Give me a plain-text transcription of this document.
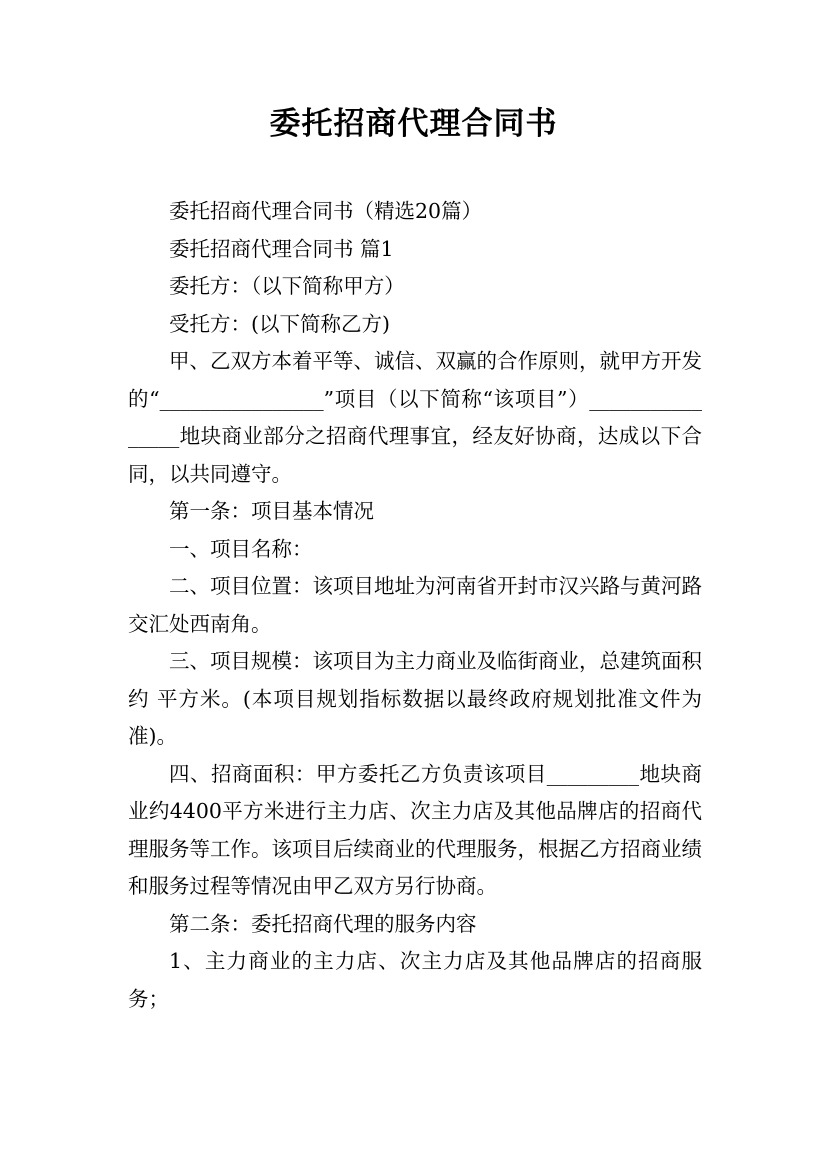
委托招商代理合同书

委托招商代理合同书（精选20篇）

委托招商代理合同书 篇1

委托方：（以下简称甲方）

受托方：(以下简称乙方)

甲、乙双方本着平等、诚信、双赢的合作原则，就甲方开发的“________________”项目（以下简称“该项目”）________________地块商业部分之招商代理事宜，经友好协商，达成以下合同，以共同遵守。

第一条：项目基本情况

一、项目名称：

二、项目位置：该项目地址为河南省开封市汉兴路与黄河路交汇处西南角。

三、项目规模：该项目为主力商业及临街商业，总建筑面积约 平方米。(本项目规划指标数据以最终政府规划批准文件为准)。

四、招商面积：甲方委托乙方负责该项目_________地块商业约4400平方米进行主力店、次主力店及其他品牌店的招商代理服务等工作。该项目后续商业的代理服务，根据乙方招商业绩和服务过程等情况由甲乙双方另行协商。

第二条：委托招商代理的服务内容

1、主力商业的主力店、次主力店及其他品牌店的招商服务；
